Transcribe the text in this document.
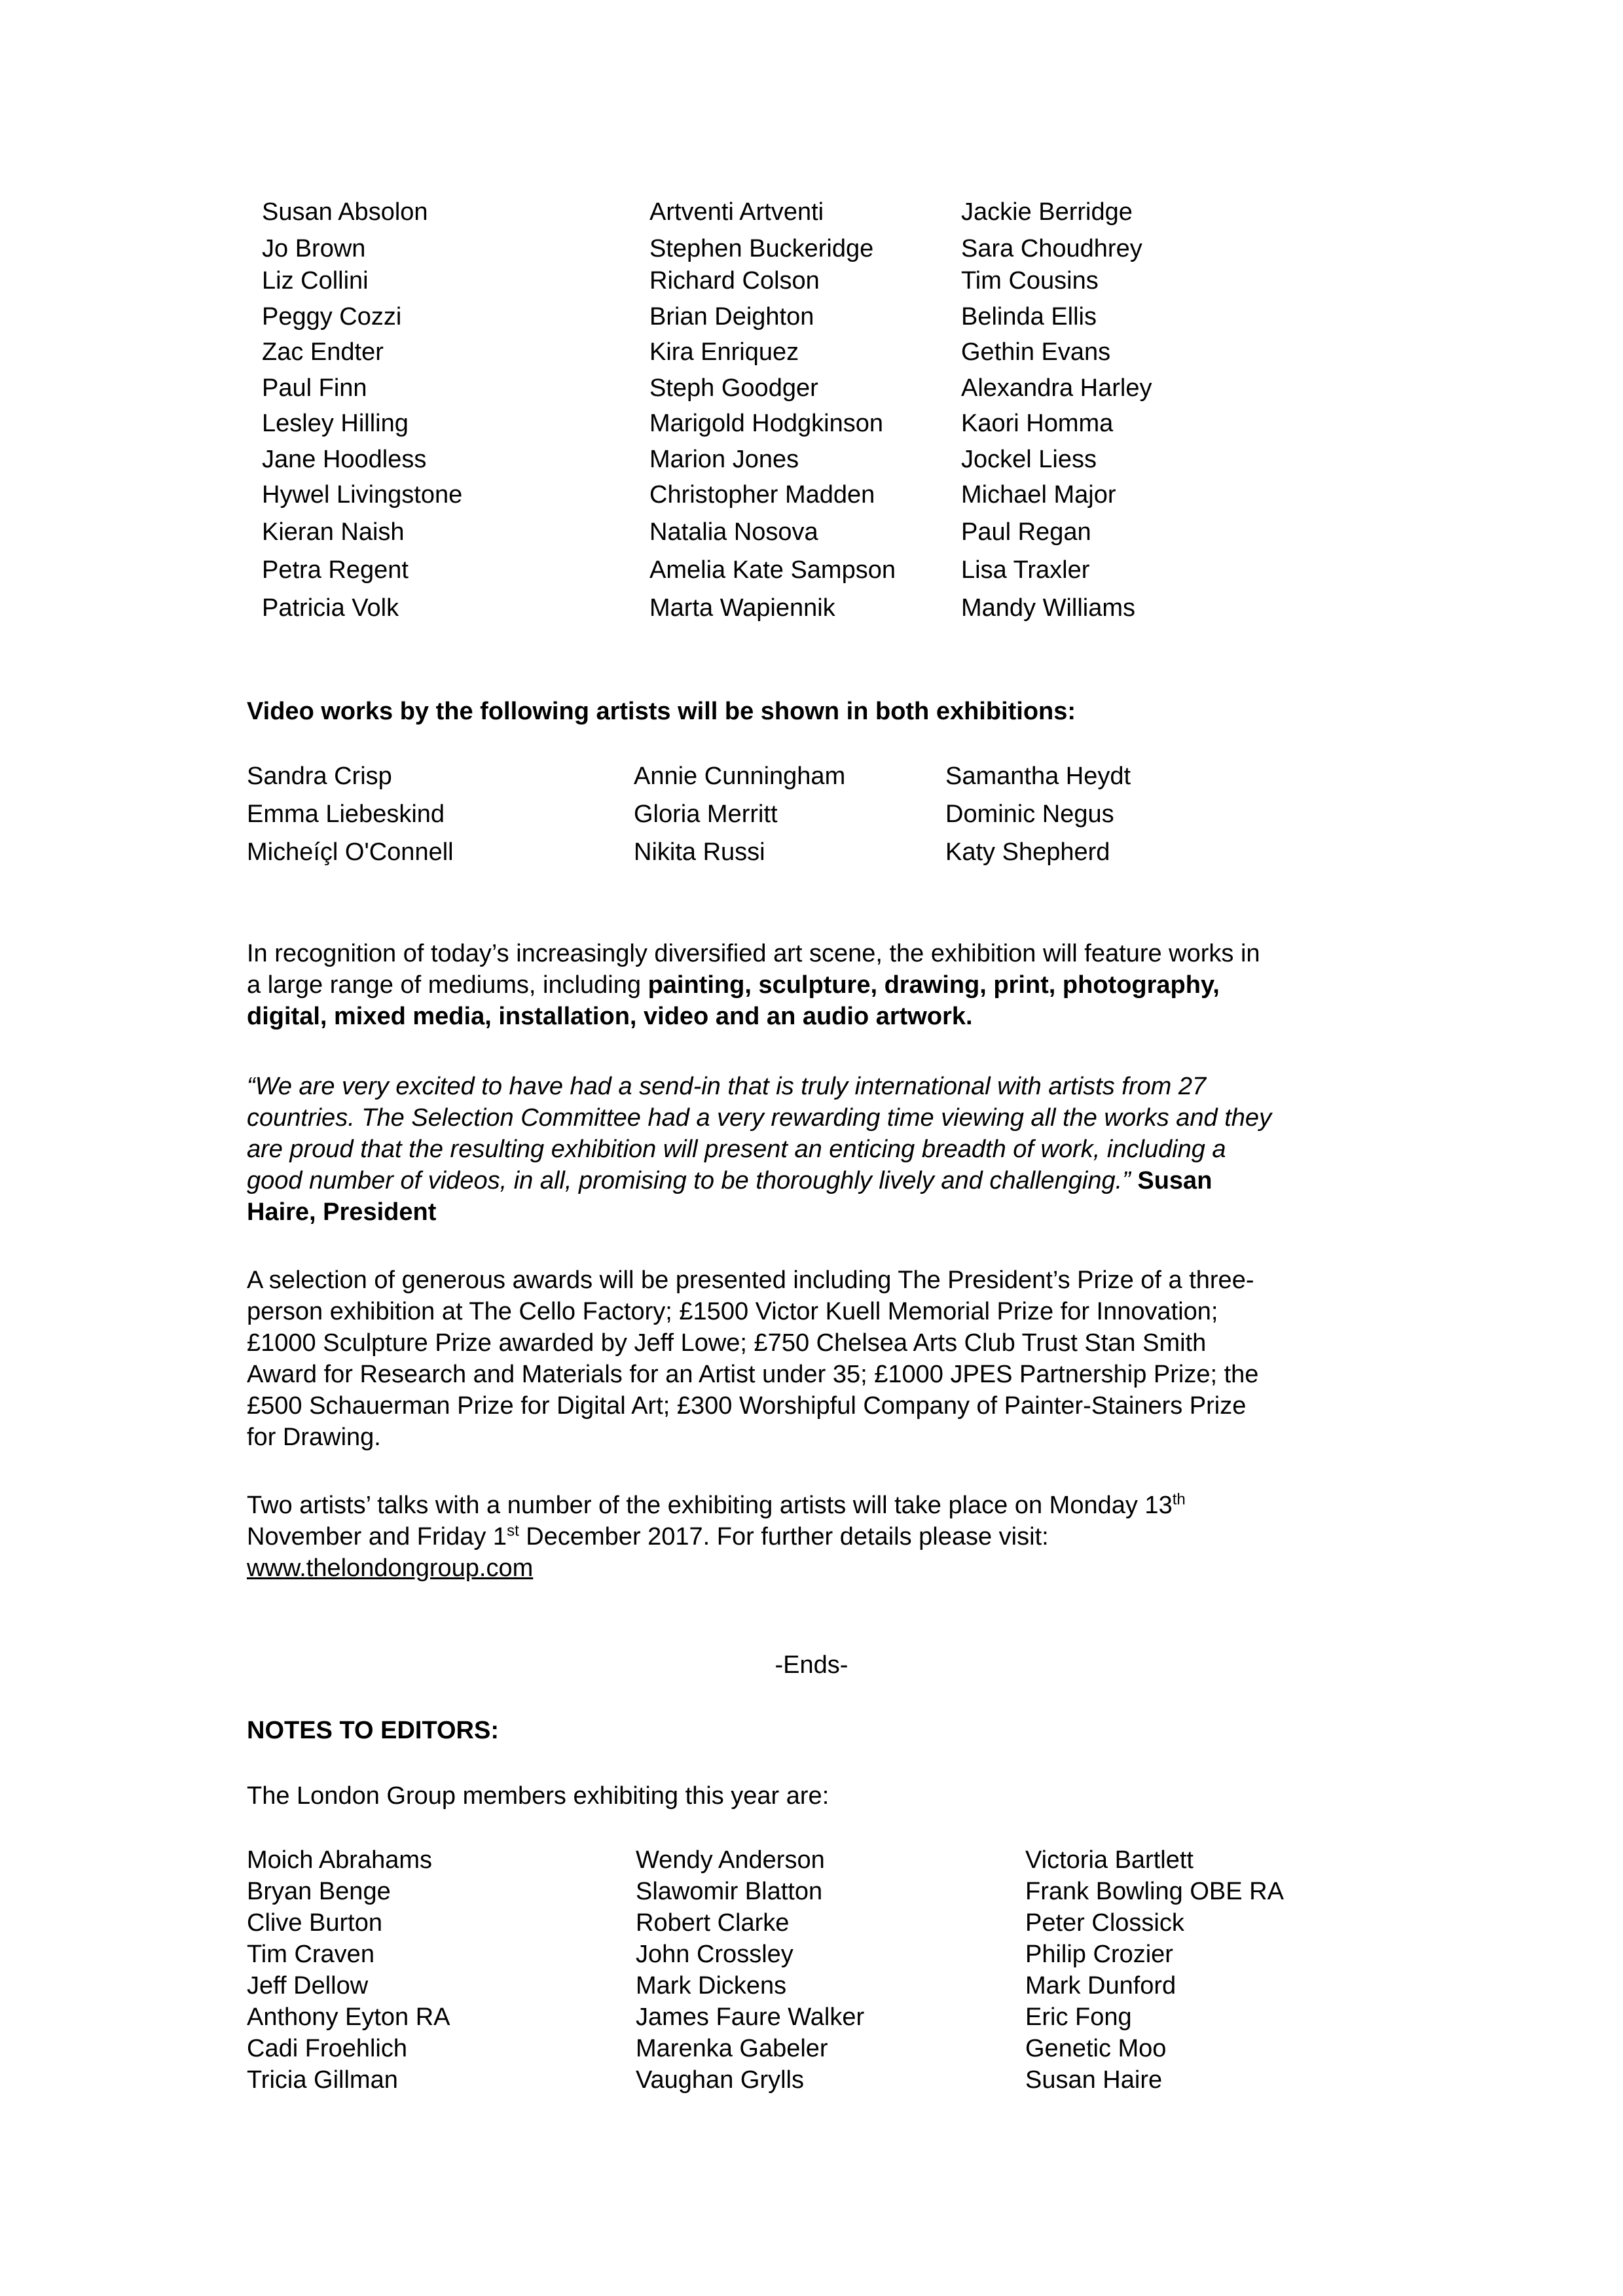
Susan Absolon	Artventi Artventi	Jackie Berridge
Jo Brown	Stephen Buckeridge	Sara Choudhrey
Liz Collini	Richard Colson	Tim Cousins
Peggy Cozzi	Brian Deighton	Belinda Ellis
Zac Endter	Kira Enriquez	Gethin Evans
Paul Finn	Steph Goodger	Alexandra Harley
Lesley Hilling	Marigold Hodgkinson	Kaori Homma
Jane Hoodless	Marion Jones	Jockel Liess
Hywel Livingstone	Christopher Madden	Michael Major
Kieran Naish	Natalia Nosova	Paul Regan
Petra Regent	Amelia Kate Sampson	Lisa Traxler
Patricia Volk	Marta Wapiennik	Mandy Williams
Video works by the following artists will be shown in both exhibitions:
Sandra Crisp	Annie Cunningham	Samantha Heydt
Emma Liebeskind	Gloria Merritt	Dominic Negus
Micheíçl O'Connell	Nikita Russi	Katy Shepherd
In recognition of today’s increasingly diversified art scene, the exhibition will feature works in
a large range of mediums, including painting, sculpture, drawing, print, photography,
digital, mixed media, installation, video and an audio artwork.
“We are very excited to have had a send-in that is truly international with artists from 27
countries. The Selection Committee had a very rewarding time viewing all the works and they
are proud that the resulting exhibition will present an enticing breadth of work, including a
good number of videos, in all, promising to be thoroughly lively and challenging.” Susan
Haire, President
A selection of generous awards will be presented including The President’s Prize of a three-
person exhibition at The Cello Factory; £1500 Victor Kuell Memorial Prize for Innovation;
£1000 Sculpture Prize awarded by Jeff Lowe; £750 Chelsea Arts Club Trust Stan Smith
Award for Research and Materials for an Artist under 35; £1000 JPES Partnership Prize; the
£500 Schauerman Prize for Digital Art; £300 Worshipful Company of Painter-Stainers Prize
for Drawing.
Two artists’ talks with a number of the exhibiting artists will take place on Monday 13th
November and Friday 1st December 2017. For further details please visit:
www.thelondongroup.com
-Ends-
NOTES TO EDITORS:
The London Group members exhibiting this year are:
Moich Abrahams	Wendy Anderson	Victoria Bartlett
Bryan Benge	Slawomir Blatton	Frank Bowling OBE RA
Clive Burton	Robert Clarke	Peter Clossick
Tim Craven	John Crossley	Philip Crozier
Jeff Dellow	Mark Dickens	Mark Dunford
Anthony Eyton RA	James Faure Walker	Eric Fong
Cadi Froehlich	Marenka Gabeler	Genetic Moo
Tricia Gillman	Vaughan Grylls	Susan Haire
